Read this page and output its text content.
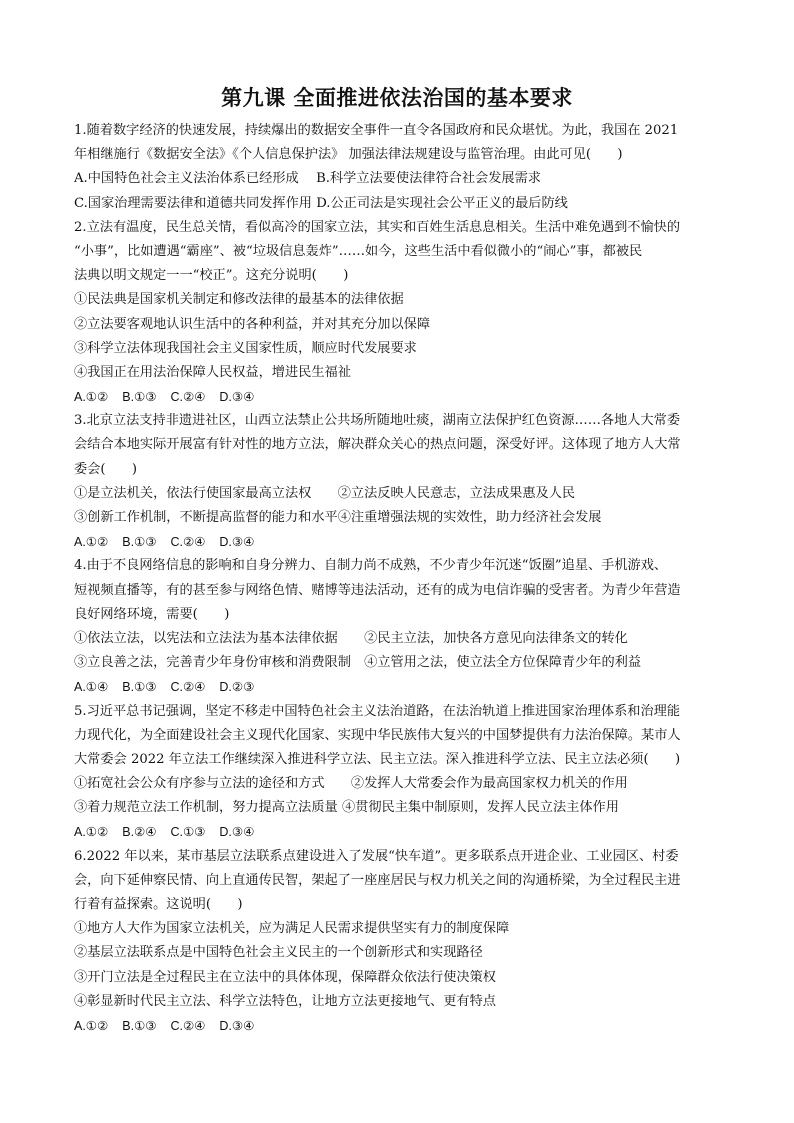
第九课 全面推进依法治国的基本要求
1.随着数字经济的快速发展，持续爆出的数据安全事件一直令各国政府和民众堪忧。为此，我国在 2021
年相继施行《数据安全法》《个人信息保护法》 加强法律法规建设与监管治理。由此可见(　　)
A.中国特色社会主义法治体系已经形成　 B.科学立法要使法律符合社会发展需求
C.国家治理需要法律和道德共同发挥作用 D.公正司法是实现社会公平正义的最后防线
2.立法有温度，民生总关情，看似高冷的国家立法，其实和百姓生活息息相关。生活中难免遇到不愉快的
“小事”，比如遭遇“霸座”、被“垃圾信息轰炸”……如今，这些生活中看似微小的“闹心”事，都被民
法典以明文规定一一“校正”。这充分说明(　　)
①民法典是国家机关制定和修改法律的最基本的法律依据
②立法要客观地认识生活中的各种利益，并对其充分加以保障
③科学立法体现我国社会主义国家性质，顺应时代发展要求
④我国正在用法治保障人民权益，增进民生福祉
A.①② B.①③ C.②④ D.③④
3.北京立法支持非遗进社区，山西立法禁止公共场所随地吐痰，湖南立法保护红色资源……各地人大常委
会结合本地实际开展富有针对性的地方立法，解决群众关心的热点问题，深受好评。这体现了地方人大常
委会(　　)
①是立法机关，依法行使国家最高立法权　　②立法反映人民意志，立法成果惠及人民
③创新工作机制，不断提高监督的能力和水平④注重增强法规的实效性，助力经济社会发展
A.①② B.①③ C.②④ D.③④
4.由于不良网络信息的影响和自身分辨力、自制力尚不成熟，不少青少年沉迷“饭圈”追星、手机游戏、
短视频直播等，有的甚至参与网络色情、赌博等违法活动，还有的成为电信诈骗的受害者。为青少年营造
良好网络环境，需要(　　)
①依法立法，以宪法和立法法为基本法律依据　　②民主立法，加快各方意见向法律条文的转化
③立良善之法，完善青少年身份审核和消费限制　④立管用之法，使立法全方位保障青少年的利益
A.①④ B.①③ C.②④ D.②③
5.习近平总书记强调，坚定不移走中国特色社会主义法治道路，在法治轨道上推进国家治理体系和治理能
力现代化，为全面建设社会主义现代化国家、实现中华民族伟大复兴的中国梦提供有力法治保障。某市人
大常委会 2022 年立法工作继续深入推进科学立法、民主立法。深入推进科学立法、民主立法必须(　　)
①拓宽社会公众有序参与立法的途径和方式　　②发挥人大常委会作为最高国家权力机关的作用
③着力规范立法工作机制，努力提高立法质量 ④贯彻民主集中制原则，发挥人民立法主体作用
A.①② B.②④ C.①③ D.③④
6.2022 年以来，某市基层立法联系点建设进入了发展“快车道”。更多联系点开进企业、工业园区、村委
会，向下延伸察民情、向上直通传民智，架起了一座座居民与权力机关之间的沟通桥梁，为全过程民主进
行着有益探索。这说明(　　)
①地方人大作为国家立法机关，应为满足人民需求提供坚实有力的制度保障
②基层立法联系点是中国特色社会主义民主的一个创新形式和实现路径
③开门立法是全过程民主在立法中的具体体现，保障群众依法行使决策权
④彰显新时代民主立法、科学立法特色，让地方立法更接地气、更有特点
A.①② B.①③ C.②④ D.③④
